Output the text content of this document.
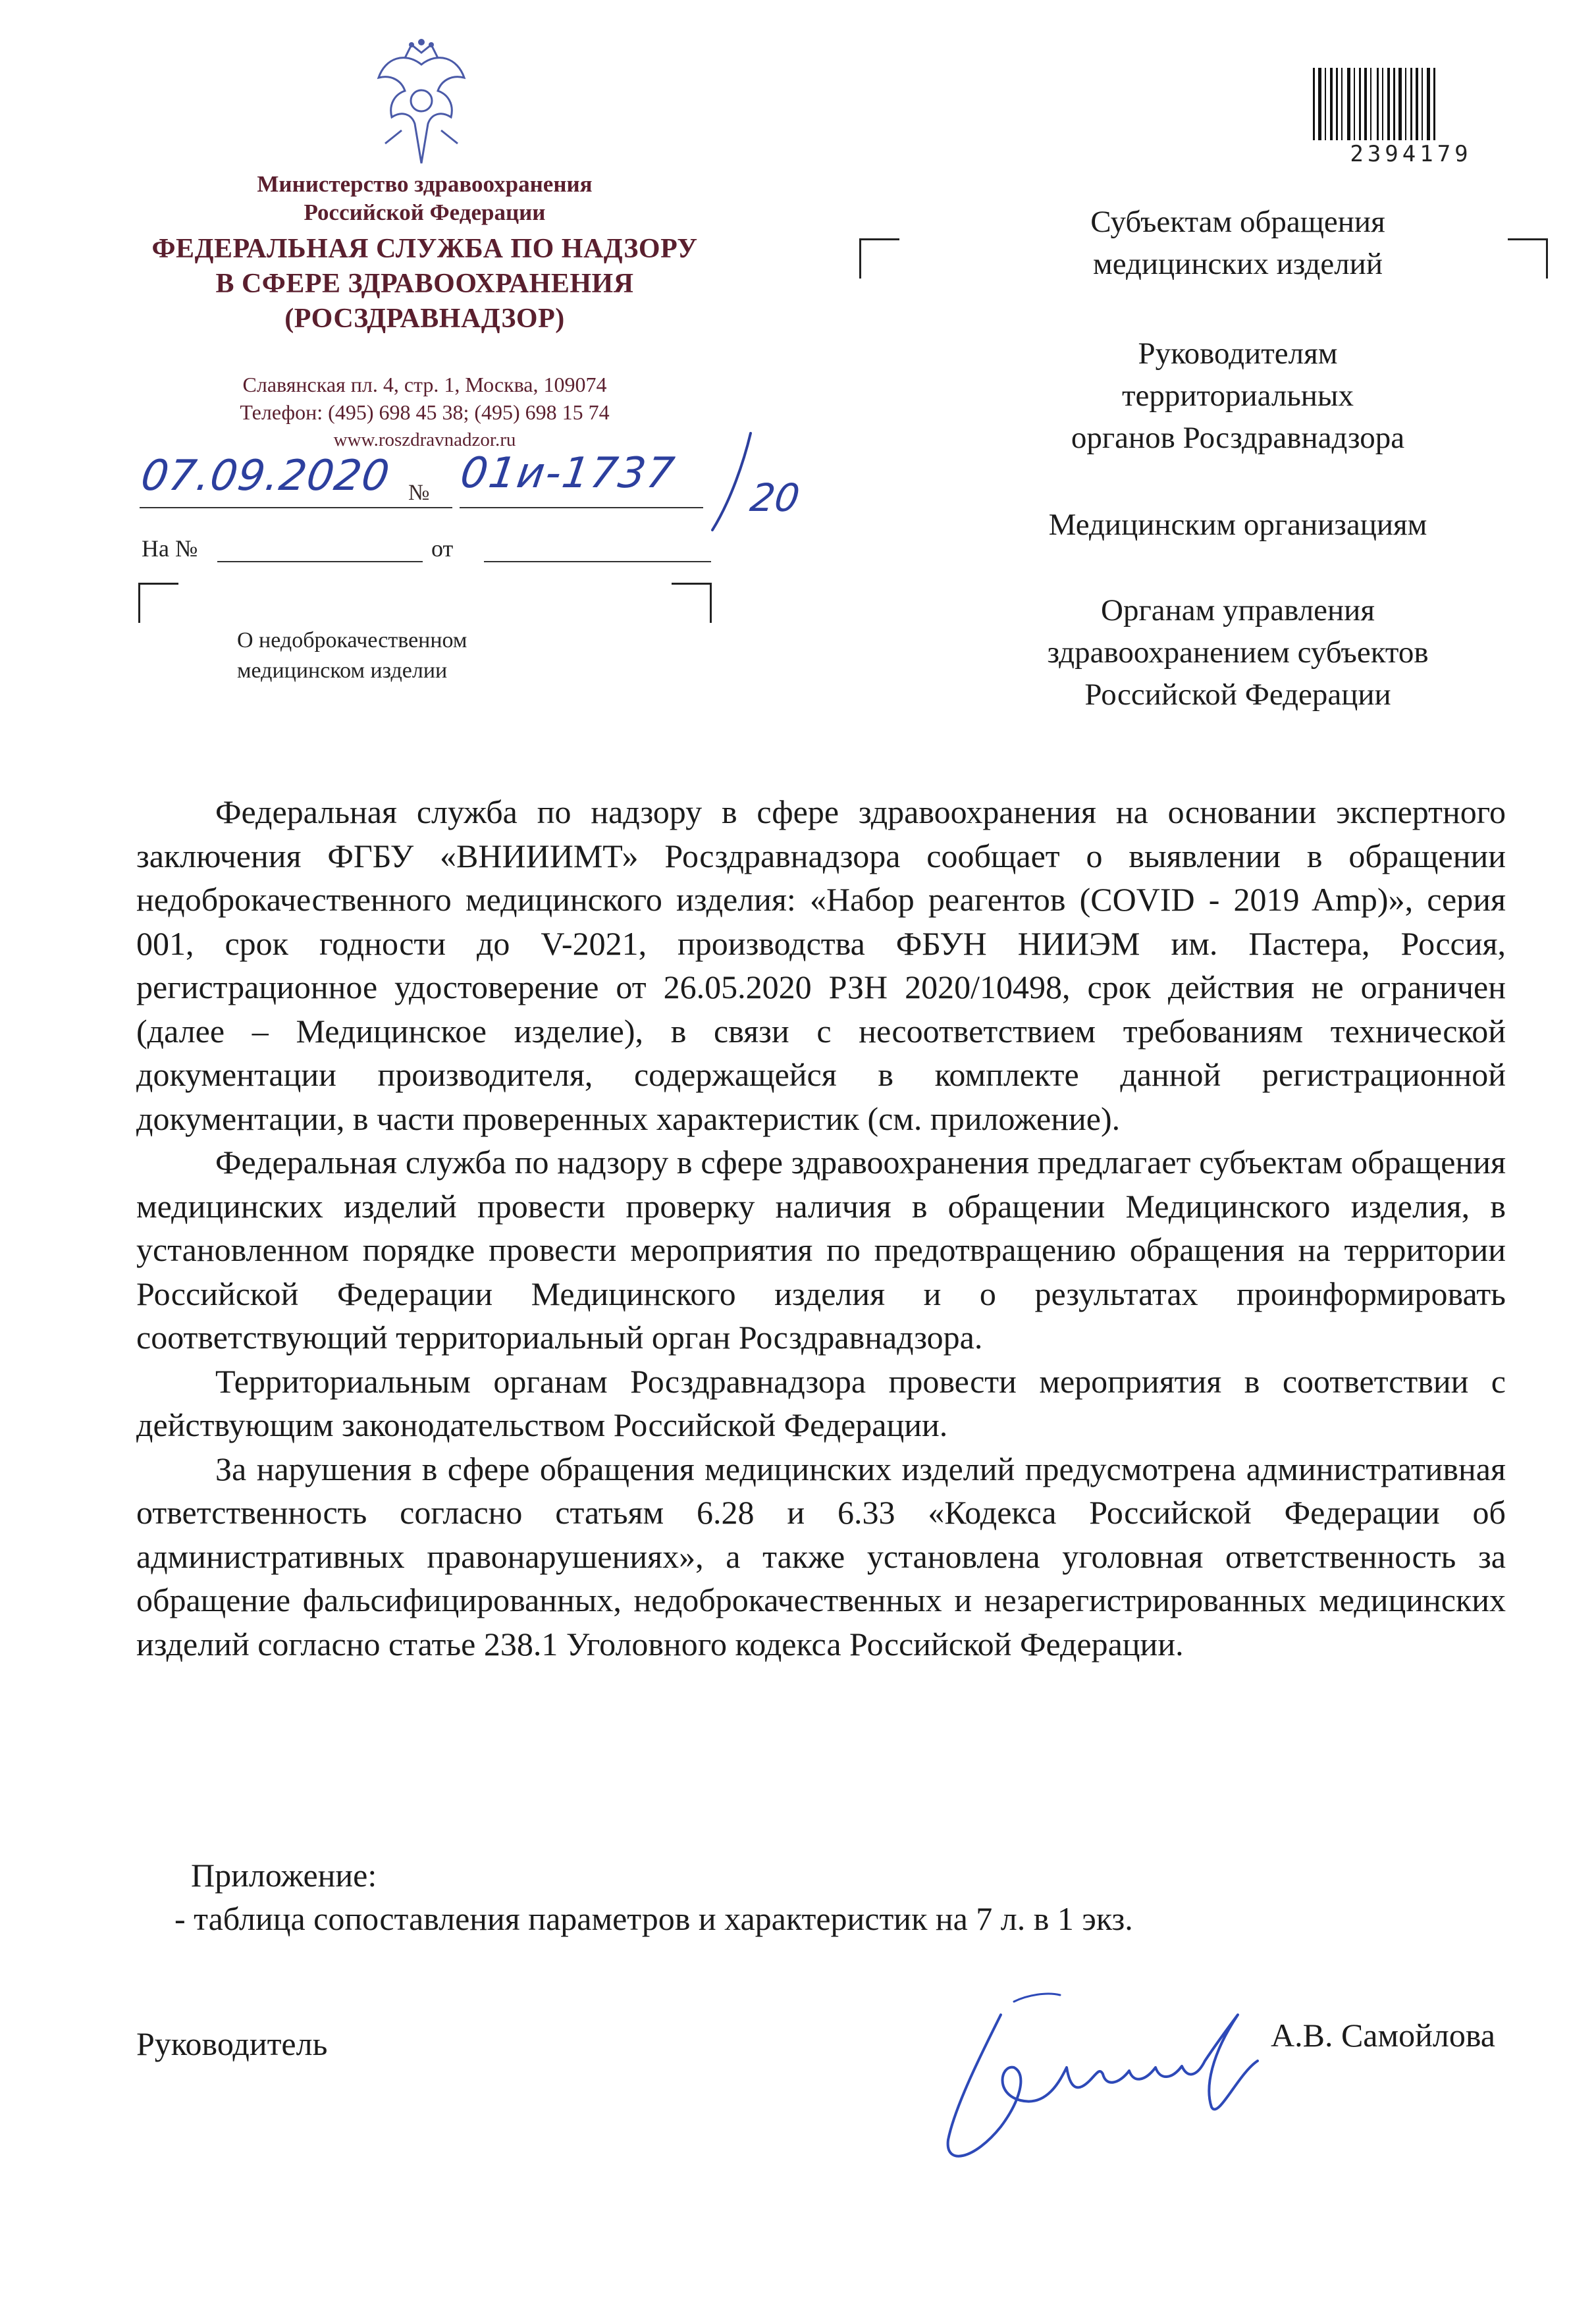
Министерство здравоохранения
Российской Федерации
ФЕДЕРАЛЬНАЯ СЛУЖБА ПО НАДЗОРУ
В СФЕРЕ ЗДРАВООХРАНЕНИЯ
(РОСЗДРАВНАДЗОР)
Славянская пл. 4, стр. 1, Москва, 109074
Телефон: (495) 698 45 38; (495) 698 15 74
www.roszdravnadzor.ru
07.09.2020 № 01и-1737 20
На №	от
О недоброкачественном
медицинском изделии
2394179
Субъектам обращения
медицинских изделий
Руководителям
территориальных
органов Росздравнадзора
Медицинским организациям
Органам управления
здравоохранением субъектов
Российской Федерации

Федеральная служба по надзору в сфере здравоохранения на основании экспертного заключения ФГБУ «ВНИИИМТ» Росздравнадзора сообщает о выявлении в обращении недоброкачественного медицинского изделия: «Набор реагентов (COVID - 2019 Amp)», серия 001, срок годности до V-2021, производства ФБУН НИИЭМ им. Пастера, Россия, регистрационное удостоверение от 26.05.2020 РЗН 2020/10498, срок действия не ограничен (далее – Медицинское изделие), в связи с несоответствием требованиям технической документации производителя, содержащейся в комплекте данной регистрационной документации, в части проверенных характеристик (см. приложение).

Федеральная служба по надзору в сфере здравоохранения предлагает субъектам обращения медицинских изделий провести проверку наличия в обращении Медицинского изделия, в установленном порядке провести мероприятия по предотвращению обращения на территории Российской Федерации Медицинского изделия и о результатах проинформировать соответствующий территориальный орган Росздравнадзора.

Территориальным органам Росздравнадзора провести мероприятия в соответствии с действующим законодательством Российской Федерации.

За нарушения в сфере обращения медицинских изделий предусмотрена административная ответственность согласно статьям 6.28 и 6.33 «Кодекса Российской Федерации об административных правонарушениях», а также установлена уголовная ответственность за обращение фальсифицированных, недоброкачественных и незарегистрированных медицинских изделий согласно статье 238.1 Уголовного кодекса Российской Федерации.

Приложение:
- таблица сопоставления параметров и характеристик на 7 л. в 1 экз.
Руководитель	А.В. Самойлова
